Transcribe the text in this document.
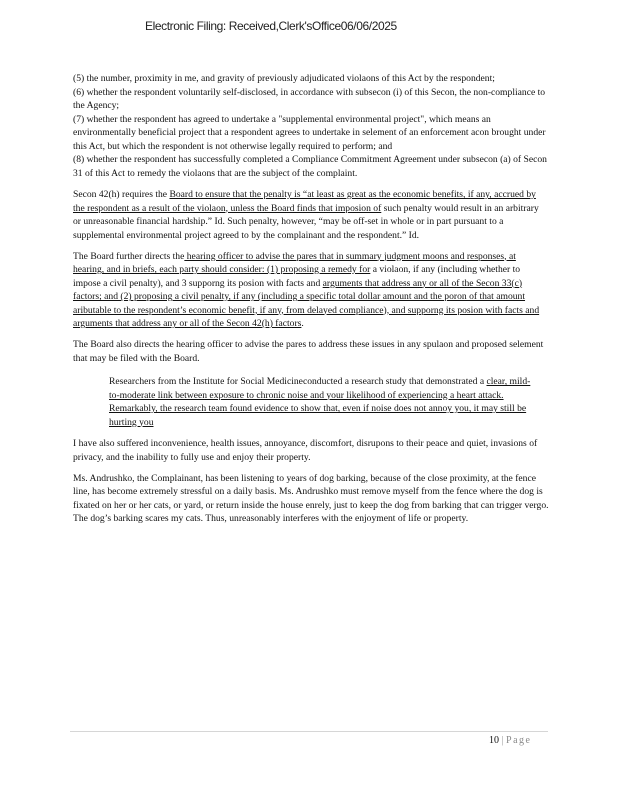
Electronic Filing: Received,Clerk'sOffice06/06/2025

(5) the number, proximity in me, and gravity of previously adjudicated violaons of this Act by the respondent;

(6) whether the respondent voluntarily self-disclosed, in accordance with subsecon (i) of this Secon, the non-compliance to the Agency;

(7) whether the respondent has agreed to undertake a "supplemental environmental project", which means an environmentally beneficial project that a respondent agrees to undertake in selement of an enforcement acon brought under this Act, but which the respondent is not otherwise legally required to perform; and

(8) whether the respondent has successfully completed a Compliance Commitment Agreement under subsecon (a) of Secon 31 of this Act to remedy the violaons that are the subject of the complaint.

Secon 42(h) requires the Board to ensure that the penalty is “at least as great as the economic benefits, if any, accrued by the respondent as a result of the violaon, unless the Board finds that imposion of such penalty would result in an arbitrary or unreasonable financial hardship.” Id. Such penalty, however, “may be off-set in whole or in part pursuant to a supplemental environmental project agreed to by the complainant and the respondent.” Id.

The Board further directs the hearing officer to advise the pares that in summary judgment moons and responses, at hearing, and in briefs, each party should consider: (1) proposing a remedy for a violaon, if any (including whether to impose a civil penalty), and 3 supporng its posion with facts and arguments that address any or all of the Secon 33(c) factors; and (2) proposing a civil penalty, if any (including a specific total dollar amount and the poron of that amount aributable to the respondent’s economic benefit, if any, from delayed compliance), and supporng its posion with facts and arguments that address any or all of the Secon 42(h) factors.

The Board also directs the hearing officer to advise the pares to address these issues in any spulaon and proposed selement that may be filed with the Board.

Researchers from the Institute for Social Medicineconducted a research study that demonstrated a clear, mild-to-moderate link between exposure to chronic noise and your likelihood of experiencing a heart attack. Remarkably, the research team found evidence to show that, even if noise does not annoy you, it may still be hurting you

I have also suffered inconvenience, health issues, annoyance, discomfort, disrupons to their peace and quiet, invasions of privacy, and the inability to fully use and enjoy their property.

Ms. Andrushko, the Complainant, has been listening to years of dog barking, because of the close proximity, at the fence line, has become extremely stressful on a daily basis. Ms. Andrushko must remove myself from the fence where the dog is fixated on her or her cats, or yard, or return inside the house enrely, just to keep the dog from barking that can trigger vergo. The dog’s barking scares my cats. Thus, unreasonably interferes with the enjoyment of life or property.

10 | Page
